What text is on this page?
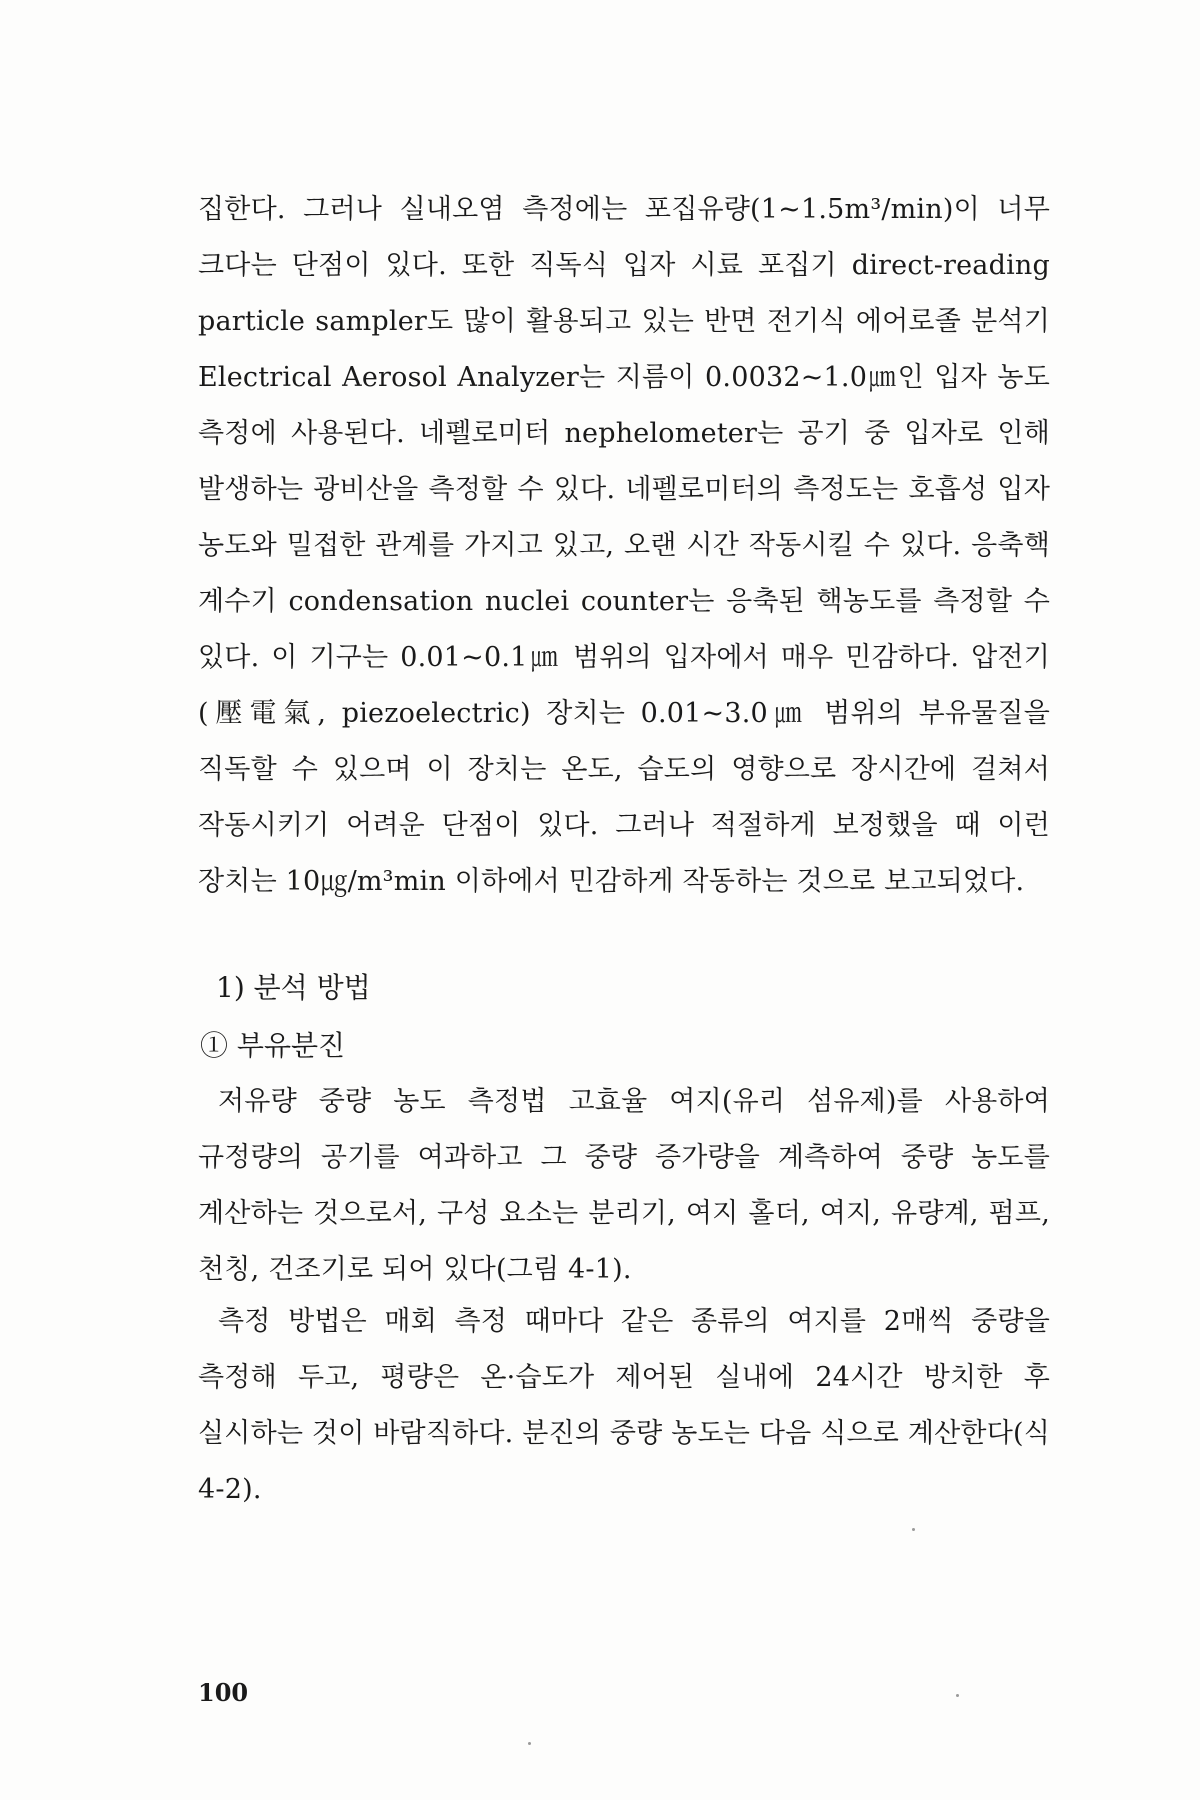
집한다. 그러나 실내오염 측정에는 포집유량(1~1.5m³/min)이 너무 크다는 단점이 있다. 또한 직독식 입자 시료 포집기 direct-reading particle sampler도 많이 활용되고 있는 반면 전기식 에어로졸 분석기 Electrical Aerosol Analyzer는 지름이 0.0032~1.0㎛인 입자 농도 측정에 사용된다. 네펠로미터 nephelometer는 공기 중 입자로 인해 발생하는 광비산을 측정할 수 있다. 네펠로미터의 측정도는 호흡성 입자 농도와 밀접한 관계를 가지고 있고, 오랜 시간 작동시킬 수 있다. 응축핵 계수기 condensation nuclei counter는 응축된 핵농도를 측정할 수 있다. 이 기구는 0.01~0.1㎛ 범위의 입자에서 매우 민감하다. 압전기(壓電氣, piezoelectric) 장치는 0.01~3.0㎛ 범위의 부유물질을 직독할 수 있으며 이 장치는 온도, 습도의 영향으로 장시간에 걸쳐서 작동시키기 어려운 단점이 있다. 그러나 적절하게 보정했을 때 이런 장치는 10㎍/m³min 이하에서 민감하게 작동하는 것으로 보고되었다.

1) 분석 방법
① 부유분진

저유량 중량 농도 측정법 고효율 여지(유리 섬유제)를 사용하여 규정량의 공기를 여과하고 그 중량 증가량을 계측하여 중량 농도를 계산하는 것으로서, 구성 요소는 분리기, 여지 홀더, 여지, 유량계, 펌프, 천칭, 건조기로 되어 있다(그림 4-1).

측정 방법은 매회 측정 때마다 같은 종류의 여지를 2매씩 중량을 측정해 두고, 평량은 온·습도가 제어된 실내에 24시간 방치한 후 실시하는 것이 바람직하다. 분진의 중량 농도는 다음 식으로 계산한다(식 4-2).

100
